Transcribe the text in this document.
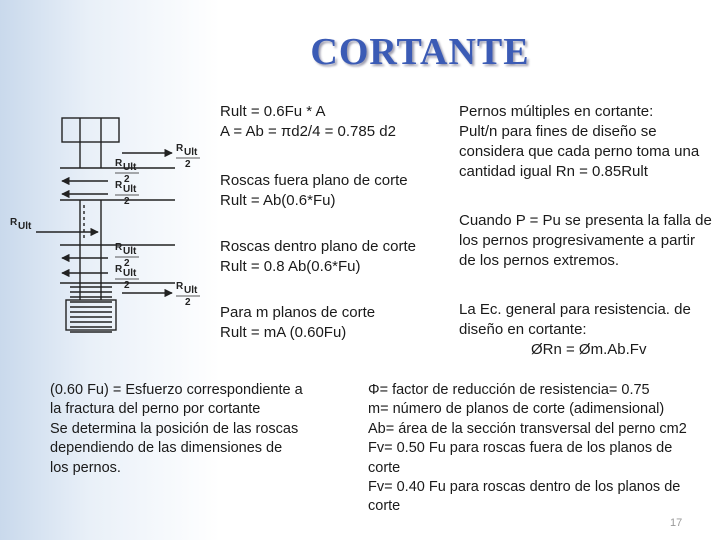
CORTANTE
R Ult
2
R Ult
2
R Ult
2
R Ult
R Ult
2
R Ult
2	R Ult
2
Rult = 0.6Fu * A
A = Ab = πd2/4 = 0.785 d2
Roscas fuera plano de corte
Rult = Ab(0.6*Fu)
Roscas dentro plano de corte
Rult = 0.8 Ab(0.6*Fu)
Para m planos de corte
Rult = mA (0.60Fu)
Pernos múltiples en cortante:
Pult/n para fines de diseño se
considera que cada perno toma una
cantidad igual Rn = 0.85Rult
Cuando P = Pu se presenta la falla de
los pernos progresivamente a partir
de los pernos extremos.
La Ec. general para resistencia. de
diseño en cortante:
ØRn = Øm.Ab.Fv
(0.60 Fu) = Esfuerzo correspondiente a
la fractura del perno por cortante
Se determina la posición de las roscas
dependiendo de las dimensiones de
los pernos.
Φ= factor de reducción de resistencia= 0.75
m= número de planos de corte (adimensional)
Ab= área de la sección transversal del perno cm2
Fv= 0.50 Fu para roscas fuera de los planos de
corte
Fv= 0.40 Fu para roscas dentro de los planos de
corte
17
